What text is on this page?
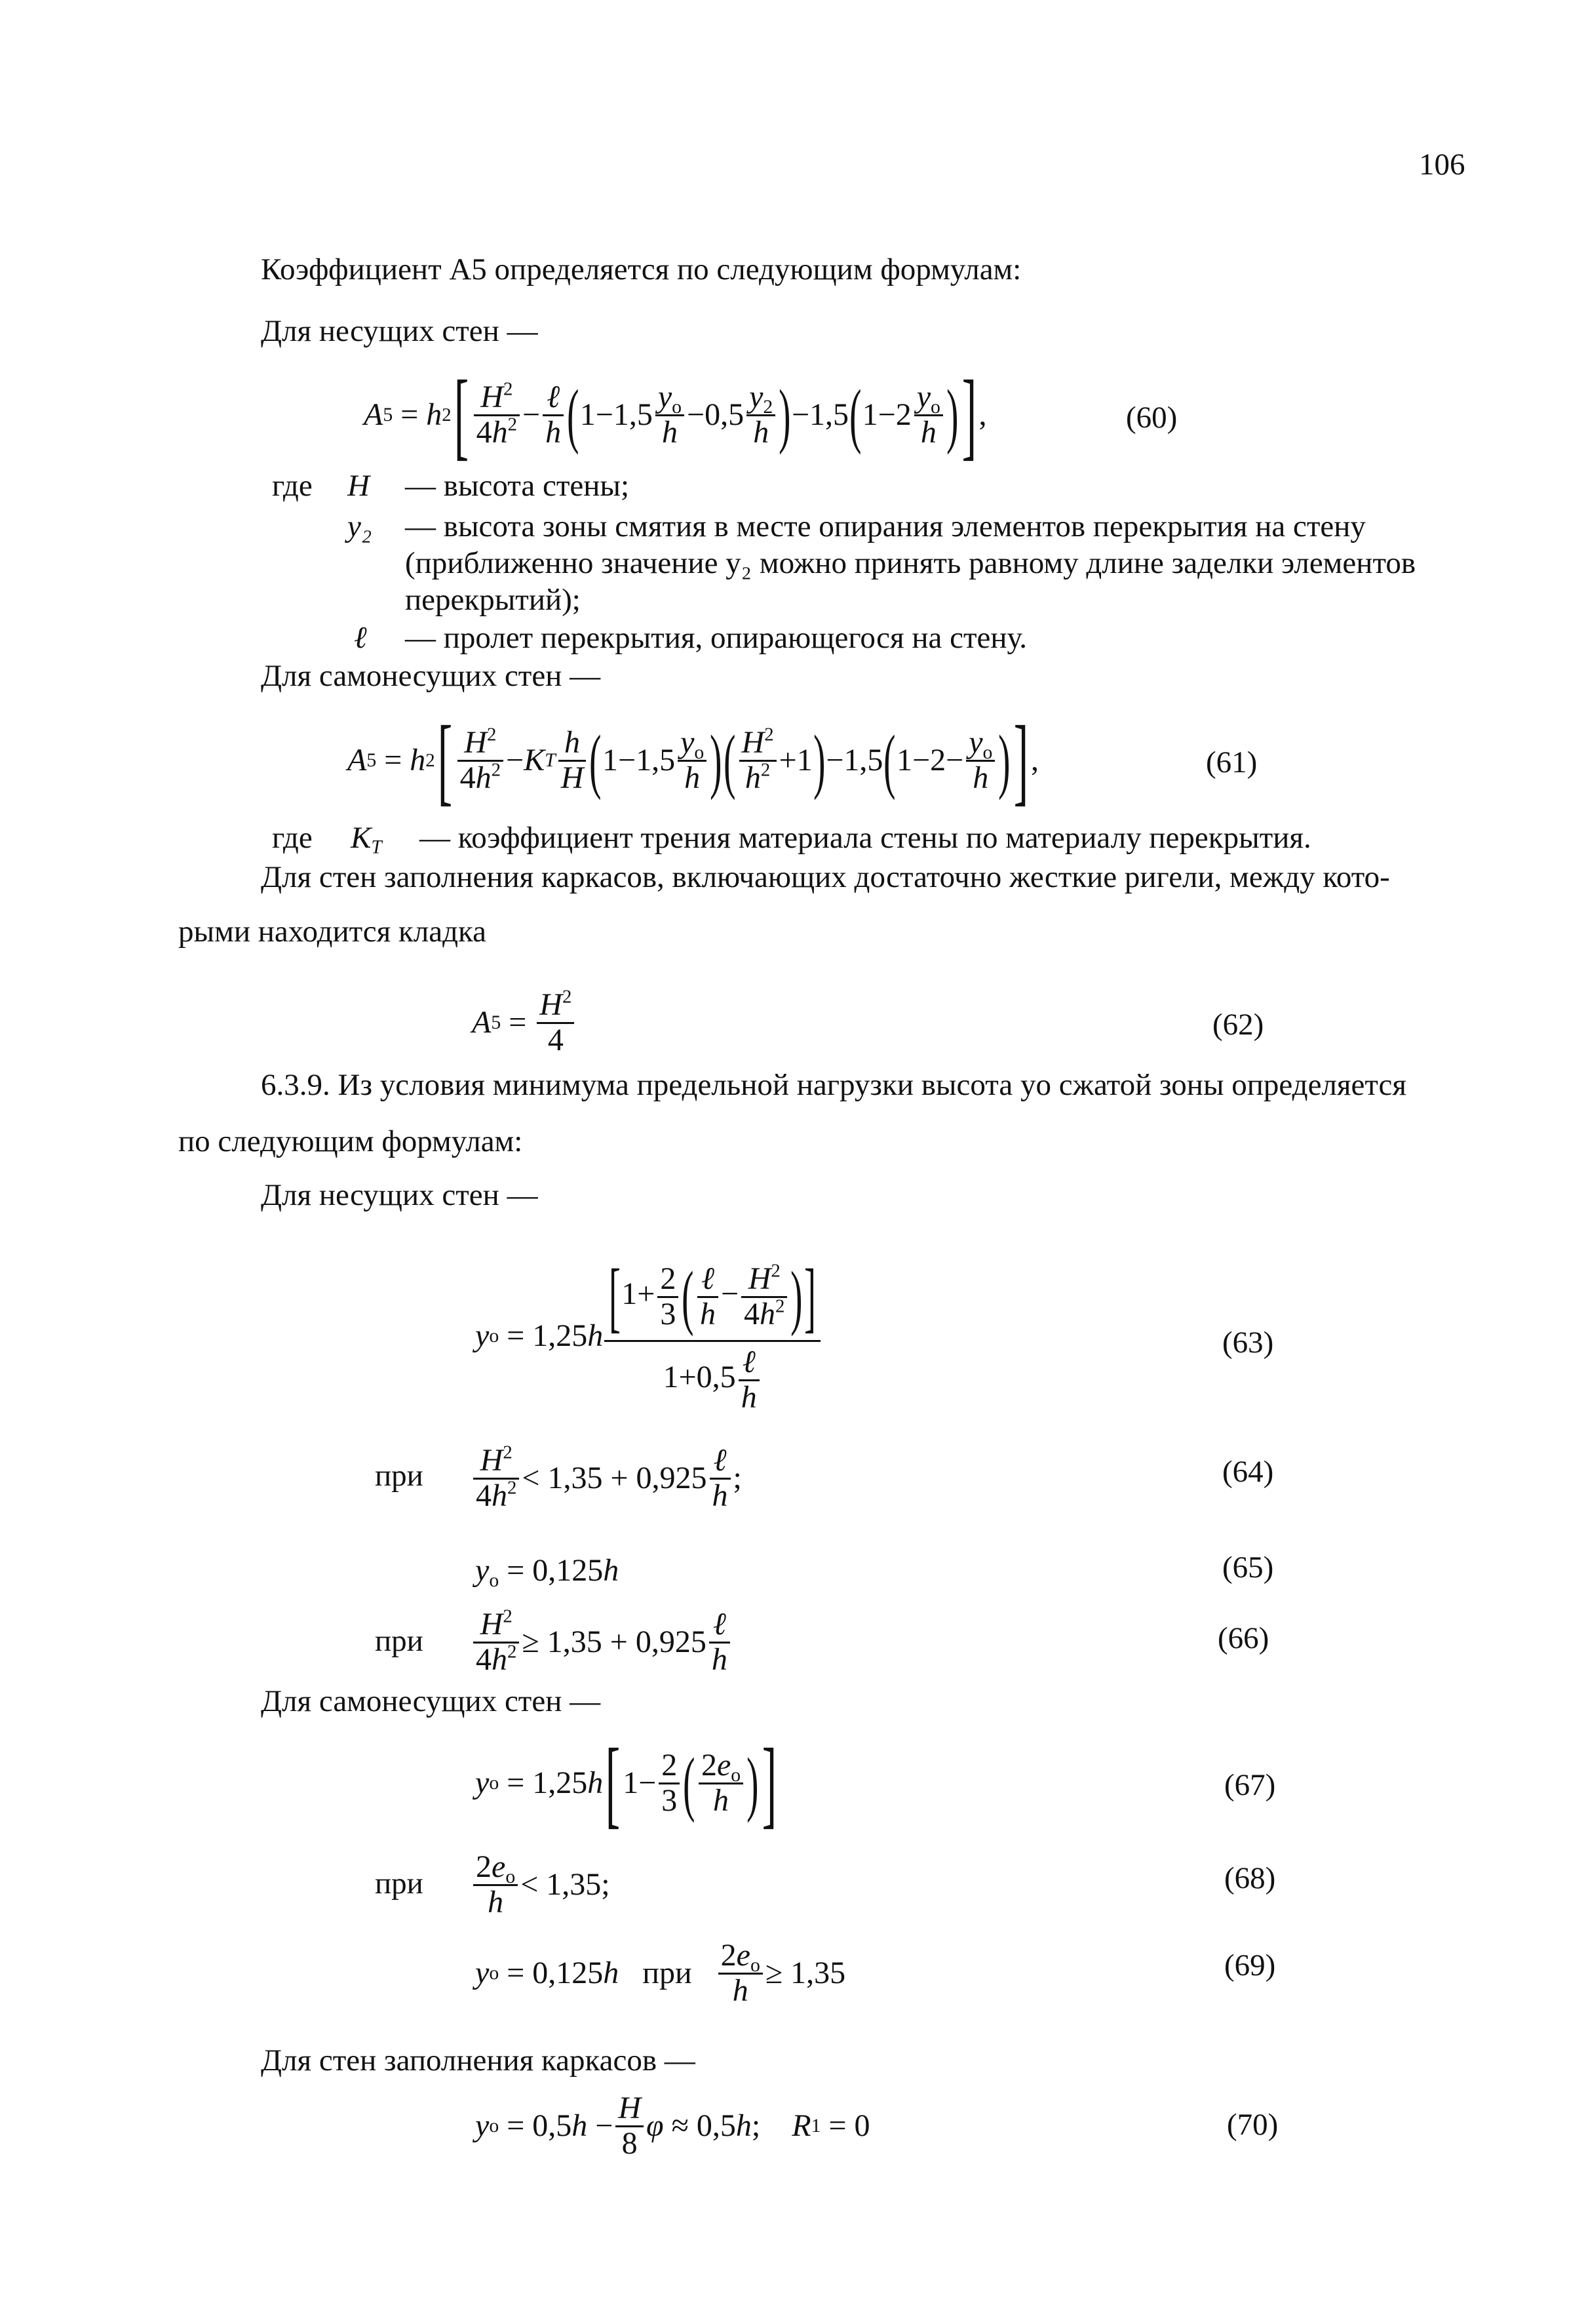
106
Коэффициент А5 определяется по следующим формулам:
Для несущих стен —
A 5 = h 2 [ $H^2$
$4h^2$ −
ℓ
h ( 1−1,5
$y_o$
h −0,5
$y_2$
h ) −1,5 ( 1−2
$y_o$
h ) ] ,	(60)
где H — высота стены;
y₂ — высота зоны смятия в месте опирания элементов перекрытия на стену
(приближенно значение y₂ можно принять равному длине заделки элементов
перекрытий);
ℓ — пролет перекрытия, опирающегося на стену.
Для самонесущих стен —
A 5 = h 2 [ $H^2$
$4h^2 - K$ T
h
H ( 1−1,5
$y_o$
h ) ( $H^2$
$h^2 +1$ ) −1,5 ( 1−2−
$y_o$
h ) ] ,	(61)
где $K_T$ — коэффициент трения материала стены по материалу перекрытия.
Для стен заполнения каркасов, включающих достаточно жесткие ригели, между кото-
рыми находится кладка
A 5 =
$H^2$
4	(62)
6.3.9. Из условия минимума предельной нагрузки высота yo сжатой зоны определяется
по следующим формулам:
Для несущих стен —
y o = 1,25 h [$1+ \frac{2}{3}$ ( ℓ
h
− $\frac{H^2}{4h^2}$ )]
1+0,5 ℓ
h
(63)
при $H^2$
$4h^2 < 1,35 + 0,925$
ℓ
h ;	(64)
$y_o = 0,125h$	(65)
при $H^2$
$4h^2 \ge 1,35 + 0,925$
ℓ
h
(66)
Для самонесущих стен —
y o = 1,25 h [ 1−
2
3 ( $2e_o$
h ) ]	(67)
при $2e_o$
h < 1,35;	(68)
y o = 0,125 h
при

$2e_o$
h ≥ 1,35	(69)
Для стен заполнения каркасов —
y o = 0,5 h −
H
8 φ ≈ 0,5 h ; R 1 = 0	(70)
